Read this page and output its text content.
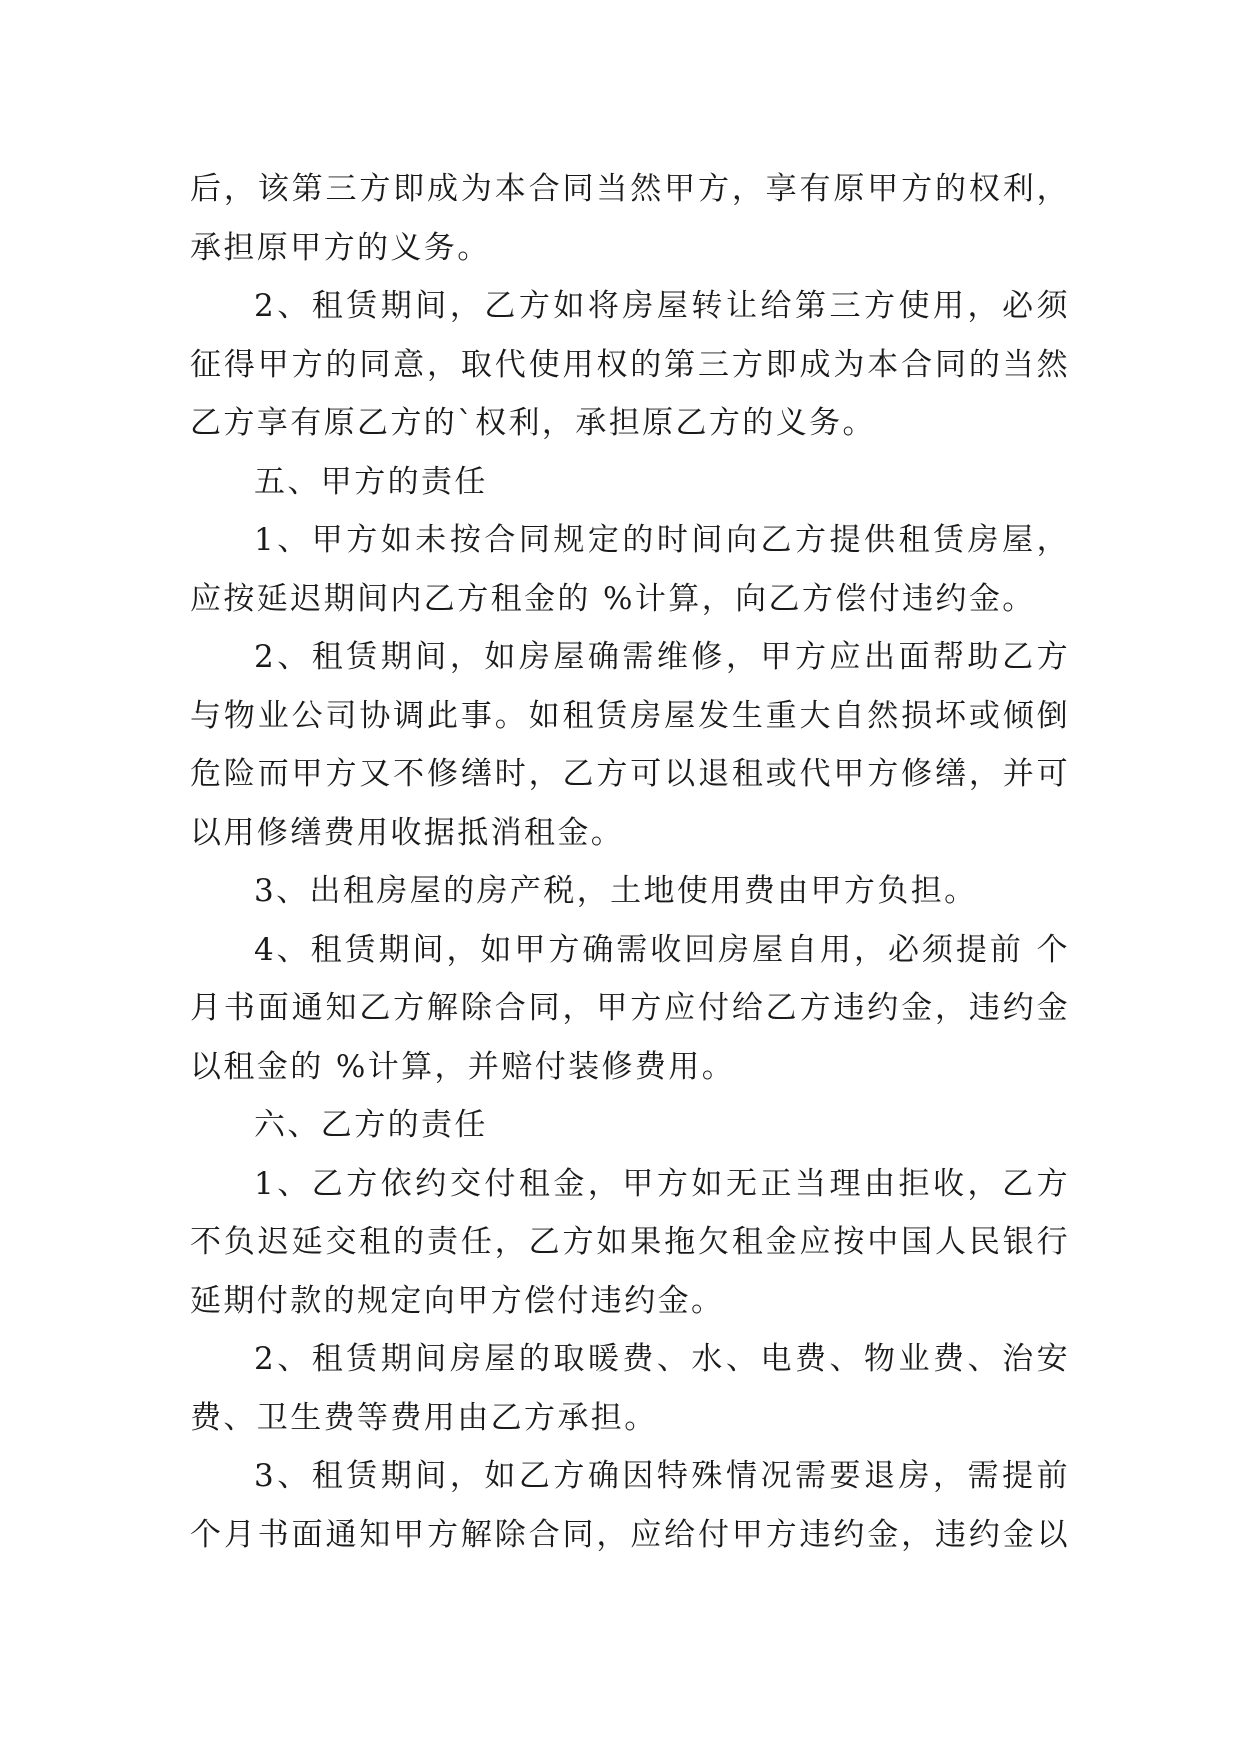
后，该第三方即成为本合同当然甲方，享有原甲方的权利，
承担原甲方的义务。
2、租赁期间，乙方如将房屋转让给第三方使用，必须
征得甲方的同意，取代使用权的第三方即成为本合同的当然
乙方享有原乙方的`权利，承担原乙方的义务。
五、甲方的责任
1、甲方如未按合同规定的时间向乙方提供租赁房屋，
应按延迟期间内乙方租金的 %计算，向乙方偿付违约金。
2、租赁期间，如房屋确需维修，甲方应出面帮助乙方
与物业公司协调此事。如租赁房屋发生重大自然损坏或倾倒
危险而甲方又不修缮时，乙方可以退租或代甲方修缮，并可
以用修缮费用收据抵消租金。
3、出租房屋的房产税，土地使用费由甲方负担。
4、租赁期间，如甲方确需收回房屋自用，必须提前 个
月书面通知乙方解除合同，甲方应付给乙方违约金，违约金
以租金的 %计算，并赔付装修费用。
六、乙方的责任
1、乙方依约交付租金，甲方如无正当理由拒收，乙方
不负迟延交租的责任，乙方如果拖欠租金应按中国人民银行
延期付款的规定向甲方偿付违约金。
2、租赁期间房屋的取暖费、水、电费、物业费、治安
费、卫生费等费用由乙方承担。
3、租赁期间，如乙方确因特殊情况需要退房，需提前
个月书面通知甲方解除合同，应给付甲方违约金，违约金以
